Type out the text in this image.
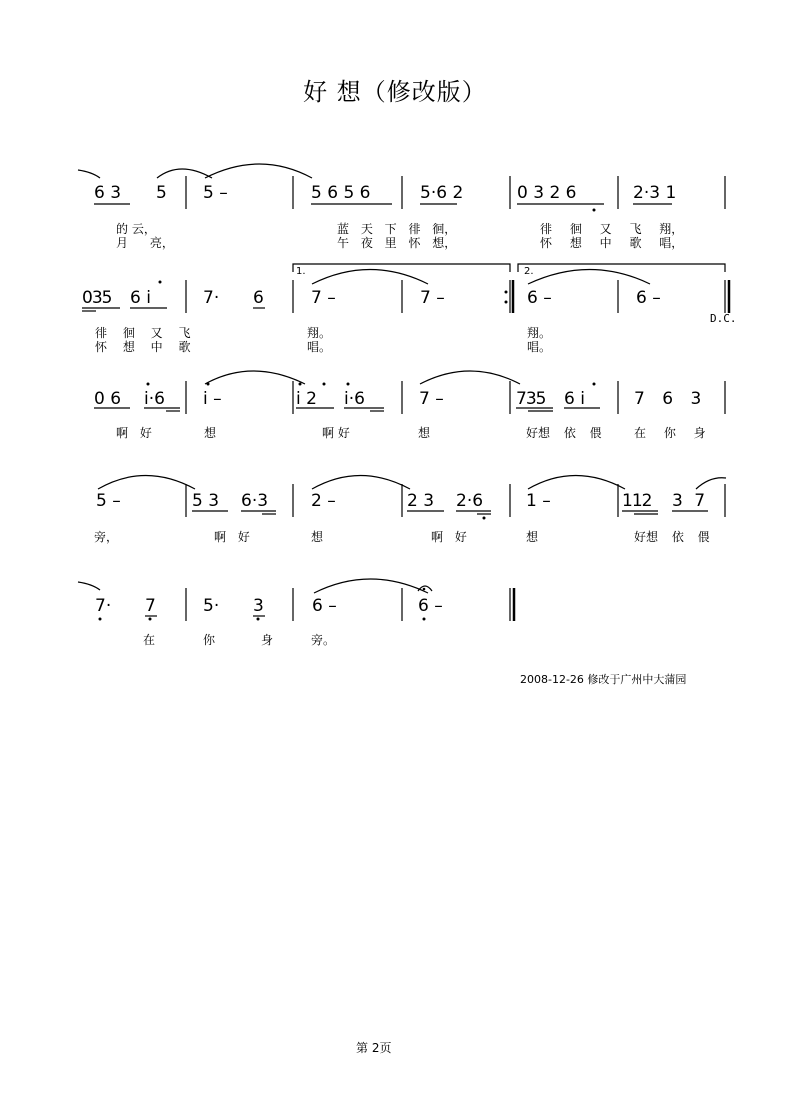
好 想（修改版）
6 3 5 5 –	5 6 5 6	5·6 2	0 3 2 6	2·3 1
的 云，	蓝 天 下 徘 徊，	徘 徊 又 飞 翔，
月 亮，	午 夜 里 怀 想，	怀 想 中 歌 唱，
035 6 i	7· 6	7 –	7 –	6 –	6 –
1.	2.
D.C.
徘 徊 又 飞	翔。	翔。
怀 想 中 歌	唱。	唱。
0 6 i·6 i –	i 2 i·6	7 –	735 6 i	7 6 3
啊 好	想	啊 好	想	好想 依 偎	在 你 身
5 –	5 3 6·3	2 –	2 3 2·6	1 –	112 3 7
旁，	啊 好	想	啊 好	想	好想 依 偎
7· 7	5· 3	6 –	6 –
在	你	身	旁。
2008-12-26 修改于广州中大蒲园
第 2页
